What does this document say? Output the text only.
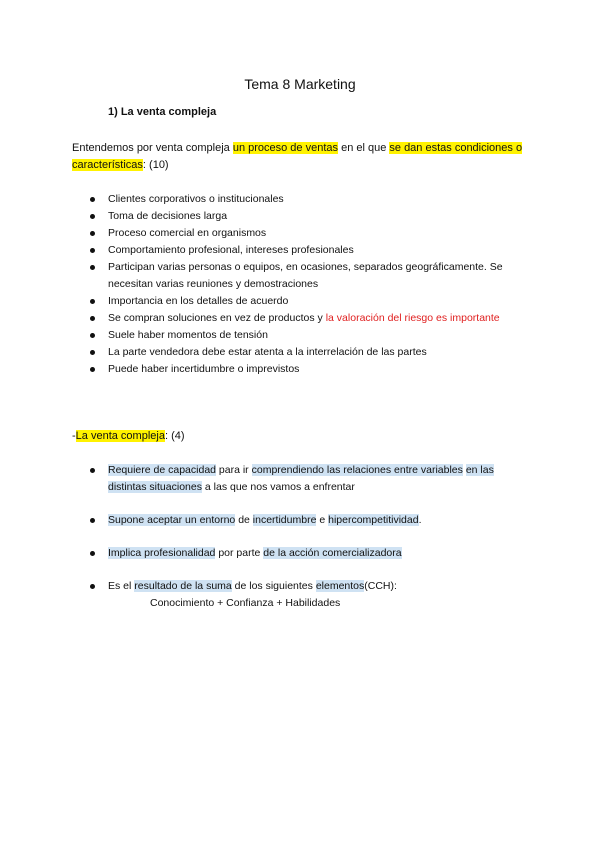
Tema 8 Marketing
1) La venta compleja
Entendemos por venta compleja un proceso de ventas en el que se dan estas condiciones o características: (10)
Clientes corporativos o institucionales
Toma de decisiones larga
Proceso comercial en organismos
Comportamiento profesional, intereses profesionales
Participan varias personas o equipos, en ocasiones, separados geográficamente. Se necesitan varias reuniones y demostraciones
Importancia en los detalles de acuerdo
Se compran soluciones en vez de productos y la valoración del riesgo es importante
Suele haber momentos de tensión
La parte vendedora debe estar atenta a la interrelación de las partes
Puede haber incertidumbre o imprevistos
-La venta compleja: (4)
Requiere de capacidad para ir comprendiendo las relaciones entre variables en las distintas situaciones a las que nos vamos a enfrentar
Supone aceptar un entorno de incertidumbre e hipercompetitividad.
Implica profesionalidad por parte de la acción comercializadora
Es el resultado de la suma de los siguientes elementos(CCH):
Conocimiento + Confianza + Habilidades
